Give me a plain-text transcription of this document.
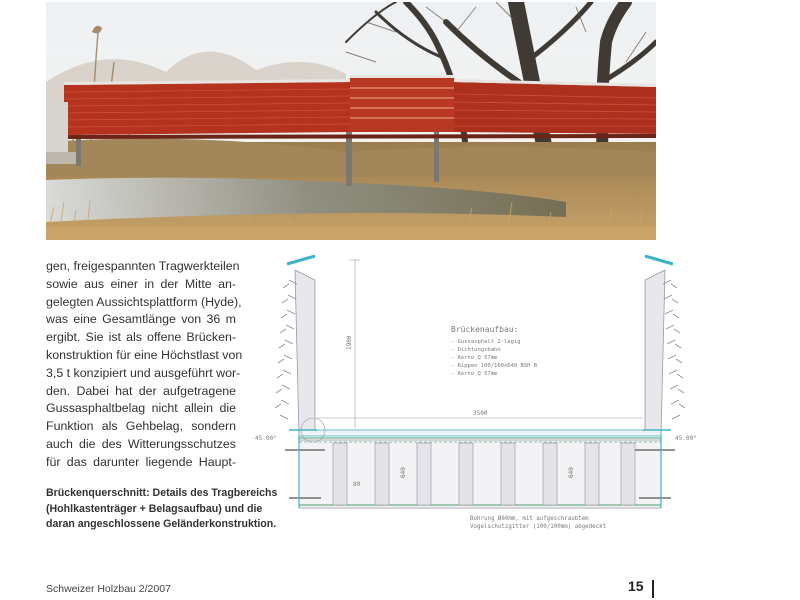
gen, freigespannten Tragwerkteilen
sowie aus einer in der Mitte an-
gelegten Aussichtsplattform (Hyde),
was eine Gesamtlänge von 36 m
ergibt. Sie ist als offene Brücken-
konstruktion für eine Höchstlast von
3,5 t konzipiert und ausgeführt wor-
den. Dabei hat der aufgetragene
Gussasphaltbelag nicht allein die
Funktion als Gehbelag, sondern
auch die des Witterungsschutzes
für das darunter liegende Haupt-
Brückenquerschnitt: Details des Tragbereichs
(Hohlkastenträger + Belagsaufbau) und die
daran angeschlossene Geländerkonstruktion.
1900
3500
Brückenaufbau:
- Gussasphalt 2-lagig
- Dichtungsbahn
- Kerto Q 57mm
- Rippen 100/160x640 BSH B
- Kerto Q 57mm
45.00°	45.00°
80
640	640
Bohrung Ø60mm, mit aufgeschraubtem
Vogelschutzgitter (100/100mm) abgedeckt
Schweizer Holzbau 2/2007	15
